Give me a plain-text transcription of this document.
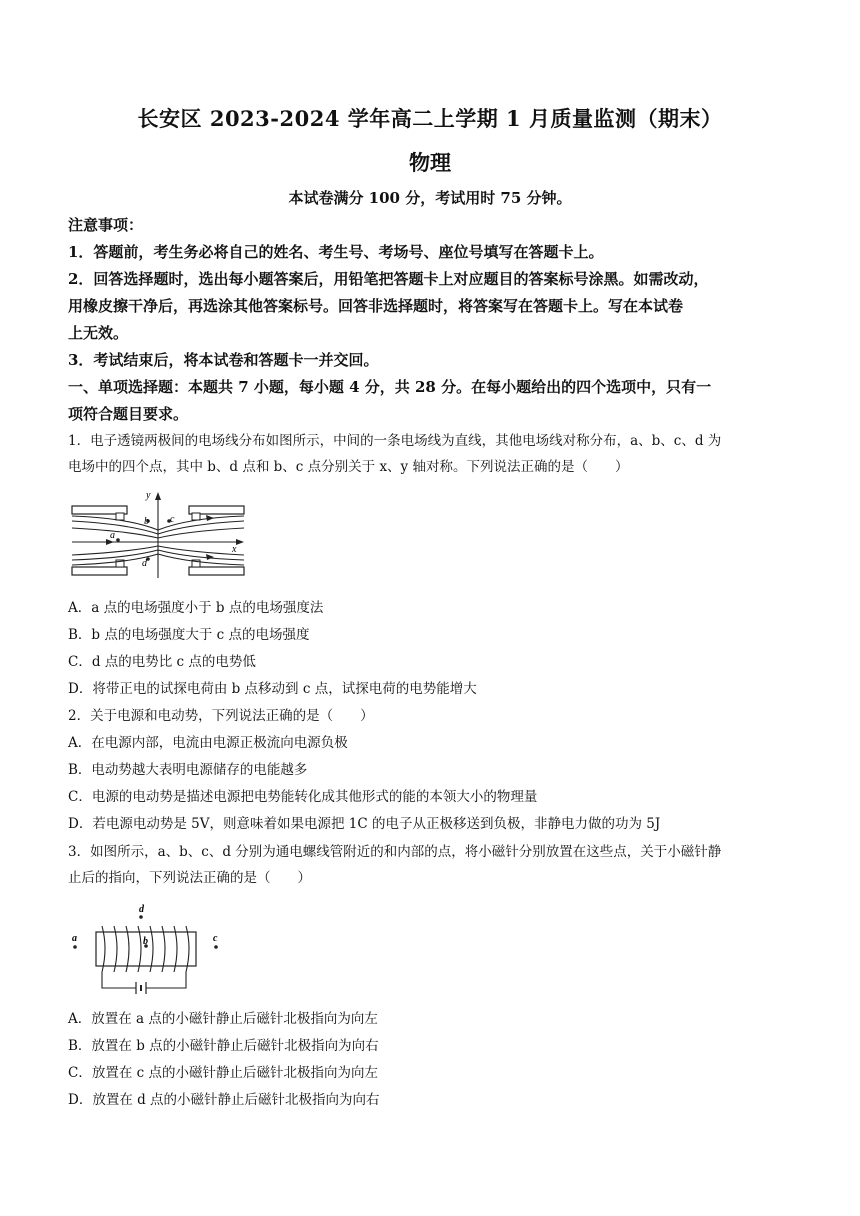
长安区 2023-2024 学年高二上学期 1 月质量监测（期末）
物理
本试卷满分 100 分，考试用时 75 分钟。
注意事项：
1．答题前，考生务必将自己的姓名、考生号、考场号、座位号填写在答题卡上。
2．回答选择题时，选出每小题答案后，用铅笔把答题卡上对应题目的答案标号涂黑。如需改动，
用橡皮擦干净后，再选涂其他答案标号。回答非选择题时，将答案写在答题卡上。写在本试卷
上无效。
3．考试结束后，将本试卷和答题卡一并交回。
一、单项选择题：本题共 7 小题，每小题 4 分，共 28 分。在每小题给出的四个选项中，只有一
项符合题目要求。
1．电子透镜两极间的电场线分布如图所示，中间的一条电场线为直线，其他电场线对称分布，a、b、c、d 为
电场中的四个点，其中 b、d 点和 b、c 点分别关于 x、y 轴对称。下列说法正确的是（　　）
y
x
a
b c
d
A．a 点的电场强度小于 b 点的电场强度法
B．b 点的电场强度大于 c 点的电场强度
C．d 点的电势比 c 点的电势低
D．将带正电的试探电荷由 b 点移动到 c 点，试探电荷的电势能增大
2．关于电源和电动势，下列说法正确的是（　　）
A．在电源内部，电流由电源正极流向电源负极
B．电动势越大表明电源储存的电能越多
C．电源的电动势是描述电源把电势能转化成其他形式的能的本领大小的物理量
D．若电源电动势是 5V，则意味着如果电源把 1C 的电子从正极移送到负极，非静电力做的功为 5J
3．如图所示，a、b、c、d 分别为通电螺线管附近的和内部的点，将小磁针分别放置在这些点，关于小磁针静
止后的指向，下列说法正确的是（　　）
a
d
b	c
A．放置在 a 点的小磁针静止后磁针北极指向为向左
B．放置在 b 点的小磁针静止后磁针北极指向为向右
C．放置在 c 点的小磁针静止后磁针北极指向为向左
D．放置在 d 点的小磁针静止后磁针北极指向为向右
